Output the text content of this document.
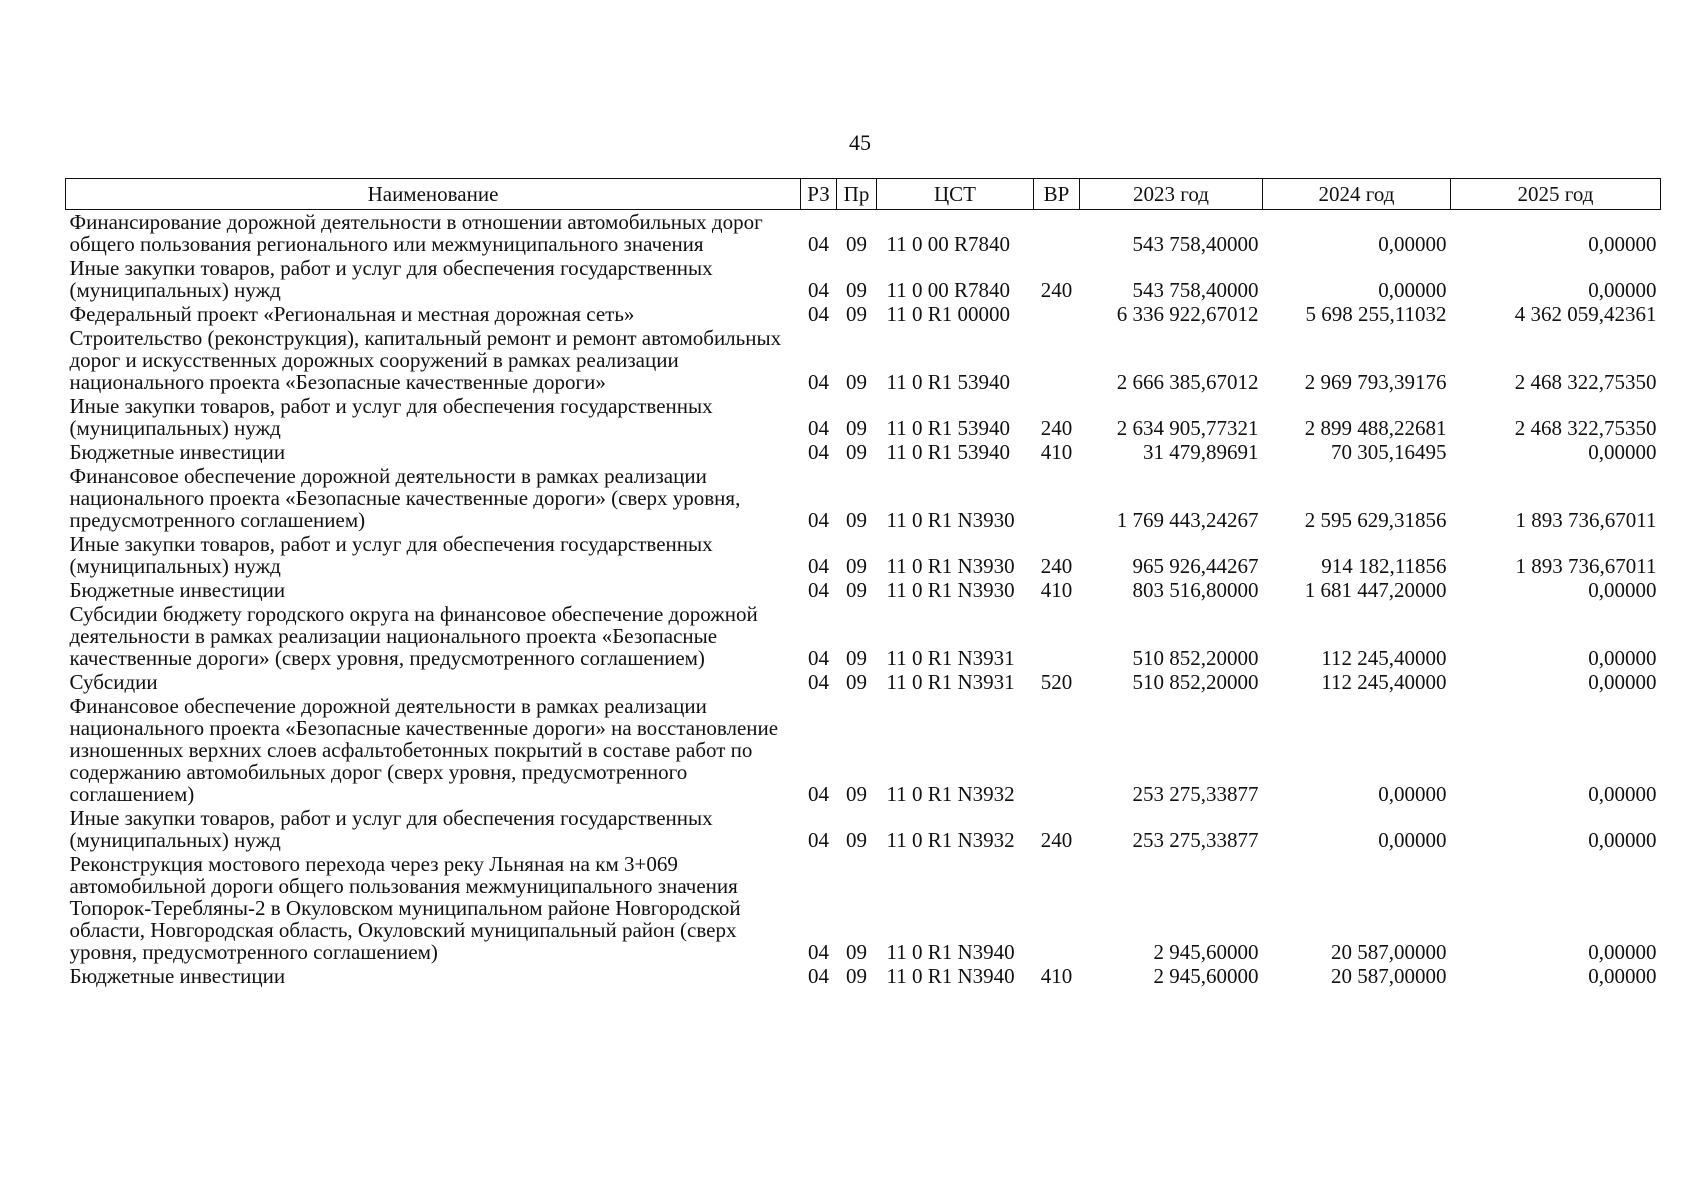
45
Наименование	РЗ	Пр	ЦСТ	ВР	2023 год	2024 год	2025 год
Финансирование дорожной деятельности в отношении автомобильных дорог общего пользования регионального или межмуниципального значения	04	09	11 0 00 R7840		543 758,40000	0,00000	0,00000
Иные закупки товаров, работ и услуг для обеспечения государственных (муниципальных) нужд	04	09	11 0 00 R7840	240	543 758,40000	0,00000	0,00000
Федеральный проект «Региональная и местная дорожная сеть»	04	09	11 0 R1 00000		6 336 922,67012	5 698 255,11032	4 362 059,42361
Строительство (реконструкция), капитальный ремонт и ремонт автомобильных дорог и искусственных дорожных сооружений в рамках реализации национального проекта «Безопасные качественные дороги»	04	09	11 0 R1 53940		2 666 385,67012	2 969 793,39176	2 468 322,75350
Иные закупки товаров, работ и услуг для обеспечения государственных (муниципальных) нужд	04	09	11 0 R1 53940	240	2 634 905,77321	2 899 488,22681	2 468 322,75350
Бюджетные инвестиции	04	09	11 0 R1 53940	410	31 479,89691	70 305,16495	0,00000
Финансовое обеспечение дорожной деятельности в рамках реализации национального проекта «Безопасные качественные дороги» (сверх уровня, предусмотренного соглашением)	04	09	11 0 R1 N3930		1 769 443,24267	2 595 629,31856	1 893 736,67011
Иные закупки товаров, работ и услуг для обеспечения государственных (муниципальных) нужд	04	09	11 0 R1 N3930	240	965 926,44267	914 182,11856	1 893 736,67011
Бюджетные инвестиции	04	09	11 0 R1 N3930	410	803 516,80000	1 681 447,20000	0,00000
Субсидии бюджету городского округа на финансовое обеспечение дорожной деятельности в рамках реализации национального проекта «Безопасные качественные дороги» (сверх уровня, предусмотренного соглашением)	04	09	11 0 R1 N3931		510 852,20000	112 245,40000	0,00000
Субсидии	04	09	11 0 R1 N3931	520	510 852,20000	112 245,40000	0,00000
Финансовое обеспечение дорожной деятельности в рамках реализации национального проекта «Безопасные качественные дороги» на восстановление изношенных верхних слоев асфальтобетонных покрытий в составе работ по содержанию автомобильных дорог (сверх уровня, предусмотренного соглашением)	04	09	11 0 R1 N3932		253 275,33877	0,00000	0,00000
Иные закупки товаров, работ и услуг для обеспечения государственных (муниципальных) нужд	04	09	11 0 R1 N3932	240	253 275,33877	0,00000	0,00000
Реконструкция мостового перехода через реку Льняная на км 3+069 автомобильной дороги общего пользования межмуниципального значения Топорок-Теребляны-2 в Окуловском муниципальном районе Новгородской области, Новгородская область, Окуловский муниципальный район (сверх уровня, предусмотренного соглашением)	04	09	11 0 R1 N3940		2 945,60000	20 587,00000	0,00000
Бюджетные инвестиции	04	09	11 0 R1 N3940	410	2 945,60000	20 587,00000	0,00000
